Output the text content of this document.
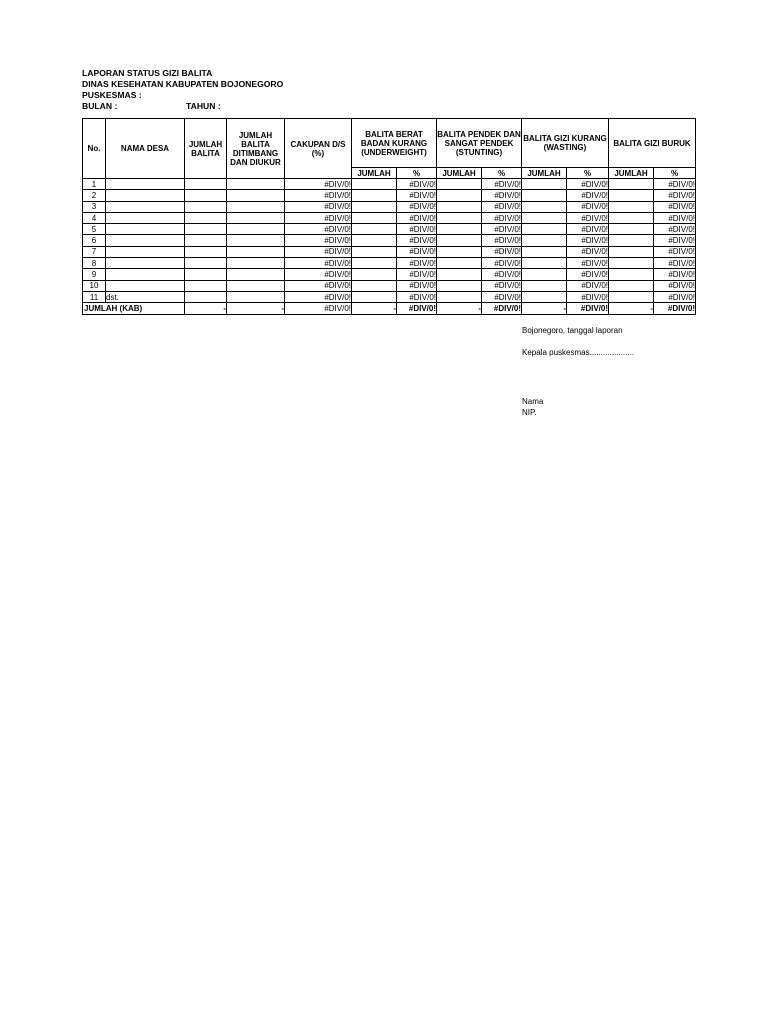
LAPORAN STATUS GIZI BALITA
DINAS KESEHATAN KABUPATEN BOJONEGORO
PUSKESMAS :
BULAN :	TAHUN :
No.	NAMA DESA	JUMLAH BALITA	JUMLAH BALITA DITIMBANG DAN DIUKUR	CAKUPAN D/S (%)	BALITA BERAT BADAN KURANG (UNDERWEIGHT)		BALITA PENDEK DAN SANGAT PENDEK (STUNTING)		BALITA GIZI KURANG (WASTING)		BALITA GIZI BURUK	
					JUMLAH	%	JUMLAH	%	JUMLAH	%	JUMLAH	%
1				#DIV/0!		#DIV/0!		#DIV/0!		#DIV/0!		#DIV/0!
2				#DIV/0!		#DIV/0!		#DIV/0!		#DIV/0!		#DIV/0!
3				#DIV/0!		#DIV/0!		#DIV/0!		#DIV/0!		#DIV/0!
4				#DIV/0!		#DIV/0!		#DIV/0!		#DIV/0!		#DIV/0!
5				#DIV/0!		#DIV/0!		#DIV/0!		#DIV/0!		#DIV/0!
6				#DIV/0!		#DIV/0!		#DIV/0!		#DIV/0!		#DIV/0!
7				#DIV/0!		#DIV/0!		#DIV/0!		#DIV/0!		#DIV/0!
8				#DIV/0!		#DIV/0!		#DIV/0!		#DIV/0!		#DIV/0!
9				#DIV/0!		#DIV/0!		#DIV/0!		#DIV/0!		#DIV/0!
10				#DIV/0!		#DIV/0!		#DIV/0!		#DIV/0!		#DIV/0!
11	dst.			#DIV/0!		#DIV/0!		#DIV/0!		#DIV/0!		#DIV/0!
JUMLAH (KAB)		-	-	#DIV/0!	-	#DIV/0!	-	#DIV/0!	-	#DIV/0!	-	#DIV/0!
Bojonegoro, tanggal laporan
Kepala puskesmas....................
Nama
NIP.
